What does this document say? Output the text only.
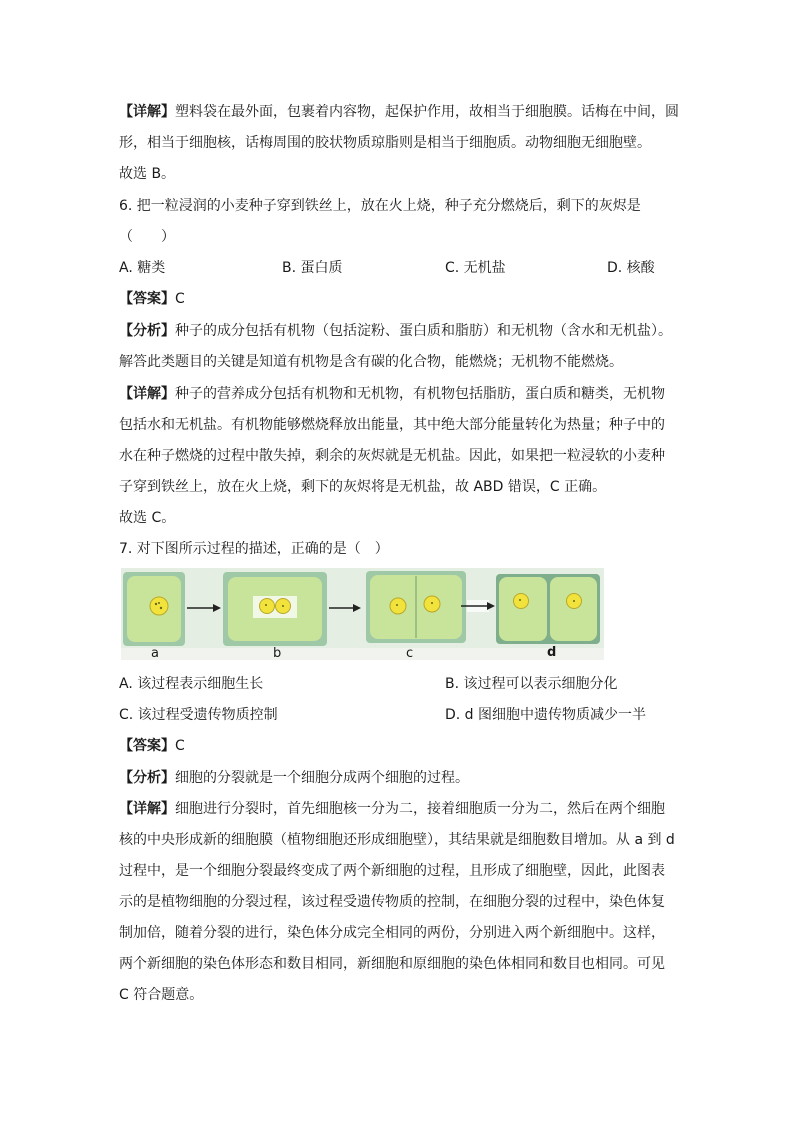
【详解】塑料袋在最外面，包裹着内容物，起保护作用，故相当于细胞膜。话梅在中间，圆
形，相当于细胞核，话梅周围的胶状物质琼脂则是相当于细胞质。动物细胞无细胞壁。
故选 B。
6. 把一粒浸润的小麦种子穿到铁丝上，放在火上烧，种子充分燃烧后，剩下的灰烬是
（　　）
A. 糖类	B. 蛋白质	C. 无机盐	D. 核酸
【答案】C
【分析】种子的成分包括有机物（包括淀粉、蛋白质和脂肪）和无机物（含水和无机盐）。
解答此类题目的关键是知道有机物是含有碳的化合物，能燃烧；无机物不能燃烧。
【详解】种子的营养成分包括有机物和无机物，有机物包括脂肪，蛋白质和糖类，无机物
包括水和无机盐。有机物能够燃烧释放出能量，其中绝大部分能量转化为热量；种子中的
水在种子燃烧的过程中散失掉，剩余的灰烬就是无机盐。因此，如果把一粒浸软的小麦种
子穿到铁丝上，放在火上烧，剩下的灰烬将是无机盐，故 ABD 错误，C 正确。
故选 C。
7. 对下图所示过程的描述，正确的是（　）
a	b	c	d
A. 该过程表示细胞生长	B. 该过程可以表示细胞分化
C. 该过程受遗传物质控制	D. d 图细胞中遗传物质减少一半
【答案】C
【分析】细胞的分裂就是一个细胞分成两个细胞的过程。
【详解】细胞进行分裂时，首先细胞核一分为二，接着细胞质一分为二，然后在两个细胞
核的中央形成新的细胞膜（植物细胞还形成细胞壁），其结果就是细胞数目增加。从 a 到 d
过程中，是一个细胞分裂最终变成了两个新细胞的过程，且形成了细胞壁，因此，此图表
示的是植物细胞的分裂过程，该过程受遗传物质的控制，在细胞分裂的过程中，染色体复
制加倍，随着分裂的进行，染色体分成完全相同的两份，分别进入两个新细胞中。这样，
两个新细胞的染色体形态和数目相同，新细胞和原细胞的染色体相同和数目也相同。可见
C 符合题意。
